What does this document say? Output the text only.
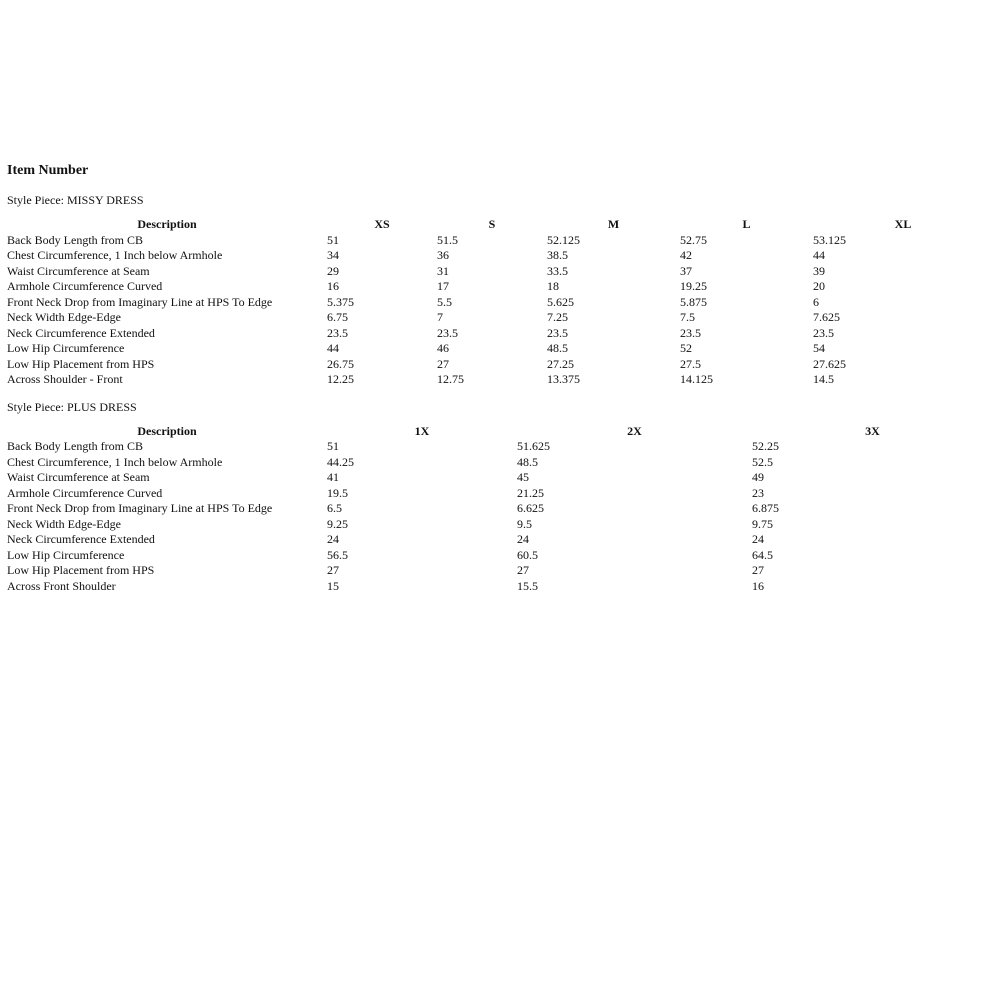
Item Number
Style Piece: MISSY DRESS
Description	XS	S	M	L	XL
Back Body Length from CB	51	51.5	52.125	52.75	53.125
Chest Circumference, 1 Inch below Armhole	34	36	38.5	42	44
Waist Circumference at Seam	29	31	33.5	37	39
Armhole Circumference Curved	16	17	18	19.25	20
Front Neck Drop from Imaginary Line at HPS To Edge	5.375	5.5	5.625	5.875	6
Neck Width Edge-Edge	6.75	7	7.25	7.5	7.625
Neck Circumference Extended	23.5	23.5	23.5	23.5	23.5
Low Hip Circumference	44	46	48.5	52	54
Low Hip Placement from HPS	26.75	27	27.25	27.5	27.625
Across Shoulder - Front	12.25	12.75	13.375	14.125	14.5
Style Piece: PLUS DRESS
Description	1X	2X	3X
Back Body Length from CB	51	51.625	52.25
Chest Circumference, 1 Inch below Armhole	44.25	48.5	52.5
Waist Circumference at Seam	41	45	49
Armhole Circumference Curved	19.5	21.25	23
Front Neck Drop from Imaginary Line at HPS To Edge	6.5	6.625	6.875
Neck Width Edge-Edge	9.25	9.5	9.75
Neck Circumference Extended	24	24	24
Low Hip Circumference	56.5	60.5	64.5
Low Hip Placement from HPS	27	27	27
Across Front Shoulder	15	15.5	16
